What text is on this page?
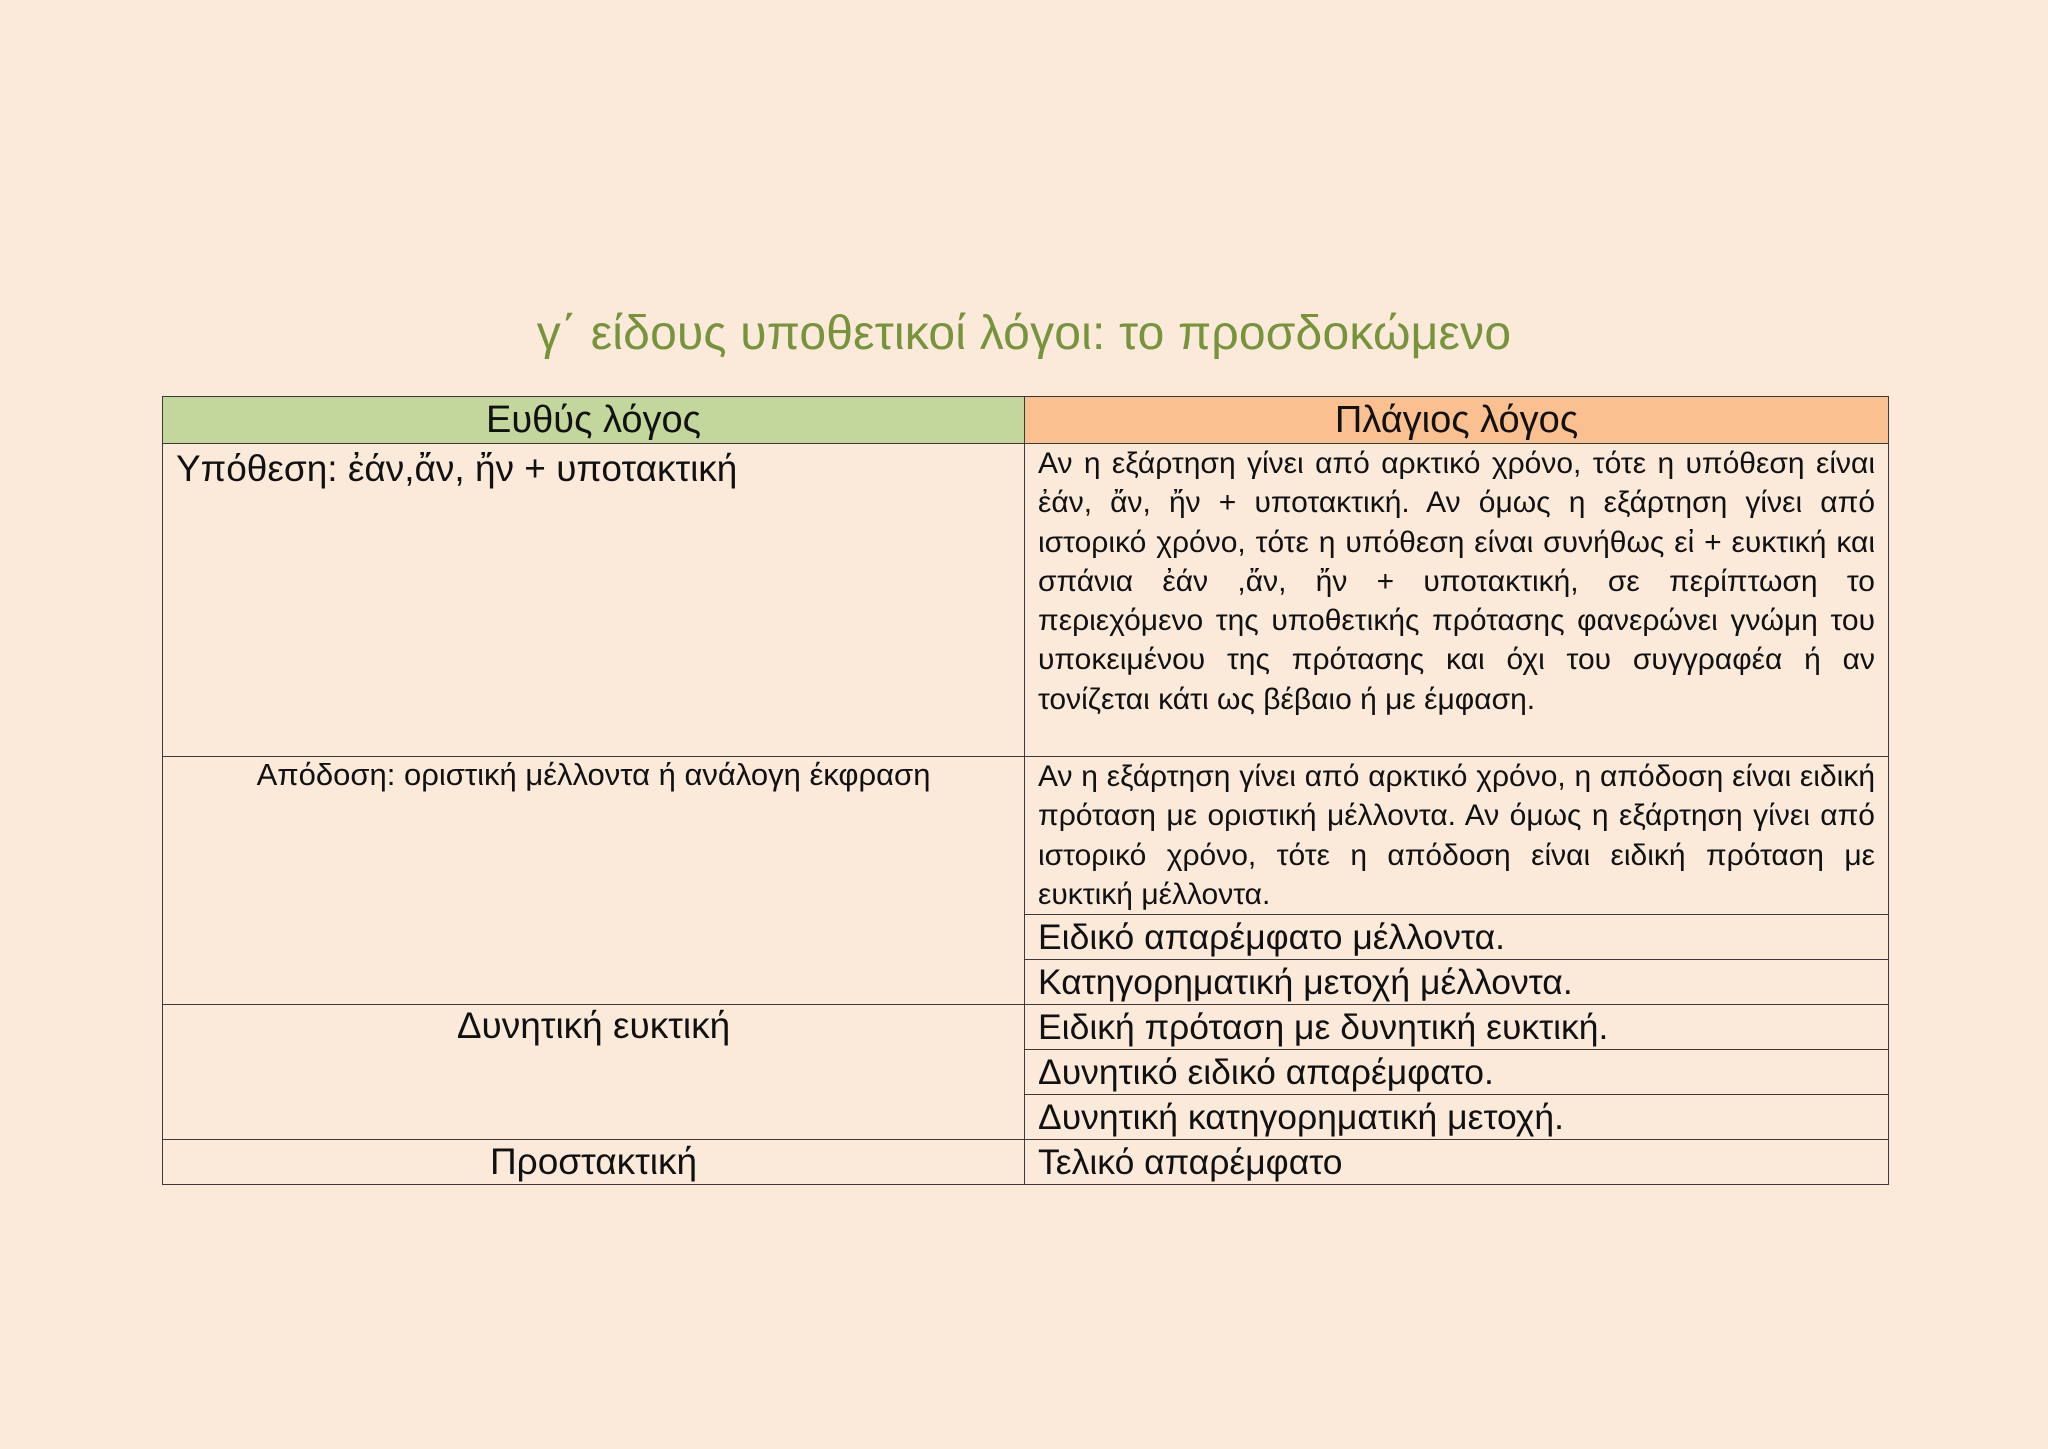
γ΄ είδους υποθετικοί λόγοι: το προσδοκώμενο
Ευθύς λόγος	Πλάγιος λόγος
Υπόθεση: ἐάν,ἄν, ἤν + υποτακτική	Αν η εξάρτηση γίνει από αρκτικό χρόνο, τότε η υπόθεση είναι ἐάν, ἄν, ἤν + υποτακτική. Αν όμως η εξάρτηση γίνει από ιστορικό χρόνο, τότε η υπόθεση είναι συνήθως εἰ + ευκτική και σπάνια ἐάν ,ἄν, ἤν + υποτακτική, σε περίπτωση το περιεχόμενο της υποθετικής πρότασης φανερώνει γνώμη του υποκειμένου της πρότασης και όχι του συγγραφέα ή αν τονίζεται κάτι ως βέβαιο ή με έμφαση.
Απόδοση: οριστική μέλλοντα ή ανάλογη έκφραση	Αν η εξάρτηση γίνει από αρκτικό χρόνο, η απόδοση είναι ειδική πρόταση με οριστική μέλλοντα. Αν όμως η εξάρτηση γίνει από ιστορικό χρόνο, τότε η απόδοση είναι ειδική πρόταση με ευκτική μέλλοντα.
	Ειδικό απαρέμφατο μέλλοντα.
	Κατηγορηματική μετοχή μέλλοντα.
Δυνητική ευκτική	Ειδική πρόταση με δυνητική ευκτική.
	Δυνητικό ειδικό απαρέμφατο.
	Δυνητική κατηγορηματική μετοχή.
Προστακτική	Τελικό απαρέμφατο
